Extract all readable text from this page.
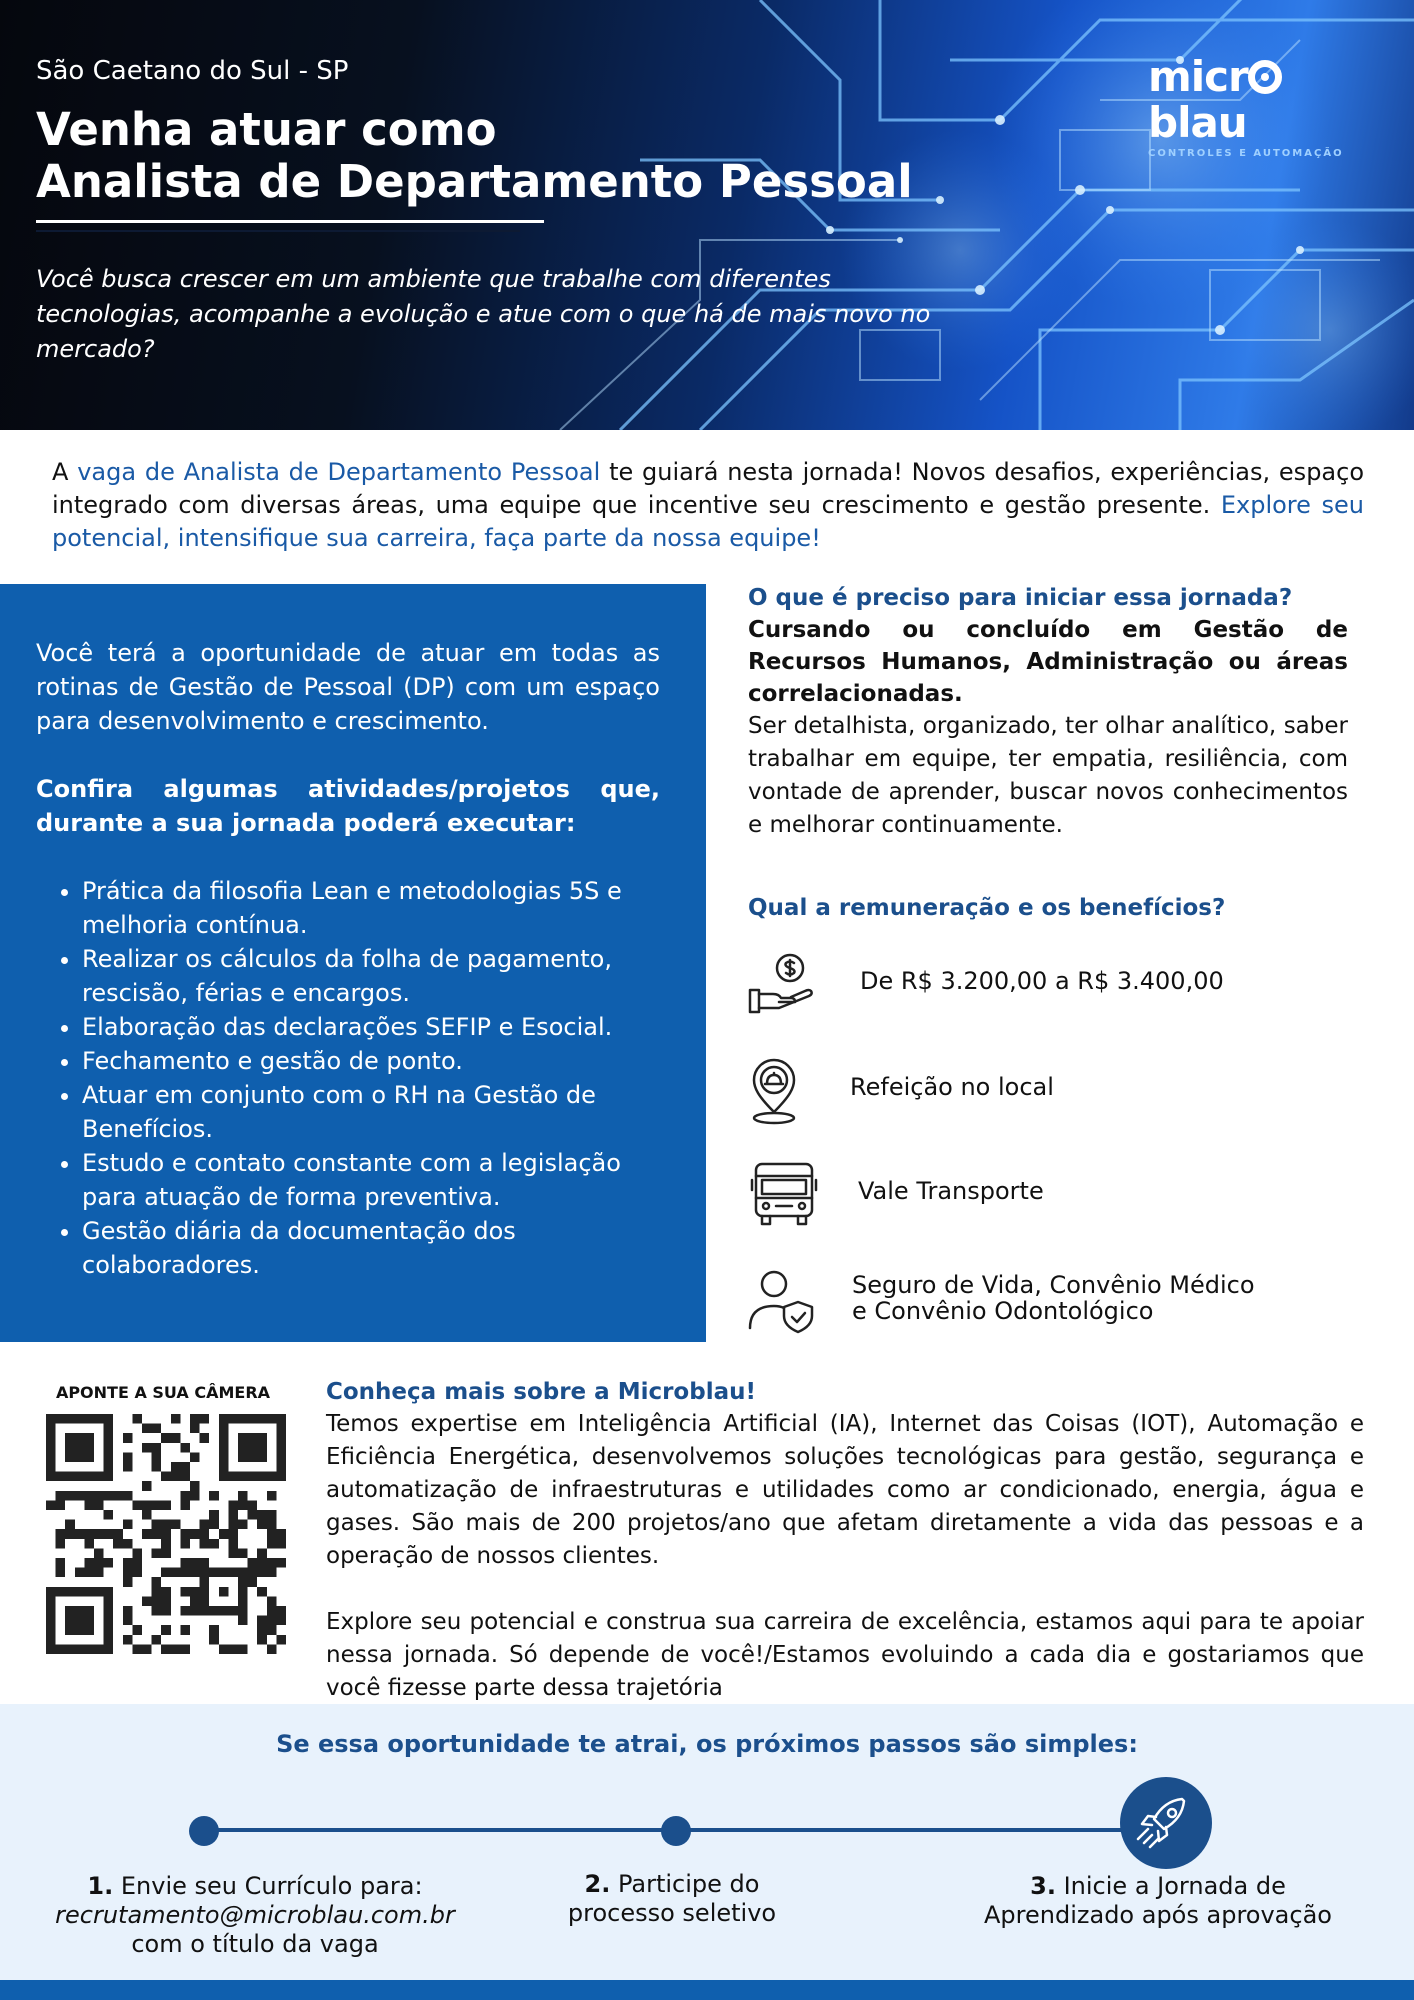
São Caetano do Sul - SP
Venha atuar como
Analista de Departamento Pessoal

Você busca crescer em um ambiente que trabalhe com diferentes tecnologias, acompanhe a evolução e atue com o que há de mais novo no mercado?

micrblau
CONTROLES E AUTOMAÇÃO

A vaga de Analista de Departamento Pessoal te guiará nesta jornada! Novos desafios, experiências, espaço integrado com diversas áreas, uma equipe que incentive seu crescimento e gestão presente. Explore seu potencial, intensifique sua carreira, faça parte da nossa equipe!

Você terá a oportunidade de atuar em todas as rotinas de Gestão de Pessoal (DP) com um espaço para desenvolvimento e crescimento.

Confira algumas atividades/projetos que, durante a sua jornada poderá executar:

• Prática da filosofia Lean e metodologias 5S e melhoria contínua.
• Realizar os cálculos da folha de pagamento, rescisão, férias e encargos.
• Elaboração das declarações SEFIP e Esocial.
• Fechamento e gestão de ponto.
• Atuar em conjunto com o RH na Gestão de Benefícios.
• Estudo e contato constante com a legislação para atuação de forma preventiva.
• Gestão diária da documentação dos colaboradores.
O que é preciso para iniciar essa jornada?

Cursando ou concluído em Gestão de Recursos Humanos, Administração ou áreas correlacionadas.

Ser detalhista, organizado, ter olhar analítico, saber trabalhar em equipe, ter empatia, resiliência, com vontade de aprender, buscar novos conhecimentos e melhorar continuamente.

Qual a remuneração e os benefícios?
De R$ 3.200,00 a R$ 3.400,00
Refeição no local
Vale Transporte
Seguro de Vida, Convênio Médico
e Convênio Odontológico
APONTE A SUA CÂMERA	Conheça mais sobre a Microblau!

Temos expertise em Inteligência Artificial (IA), Internet das Coisas (IOT), Automação e Eficiência Energética, desenvolvemos soluções tecnológicas para gestão, segurança e automatização de infraestruturas e utilidades como ar condicionado, energia, água e gases. São mais de 200 projetos/ano que afetam diretamente a vida das pessoas e a operação de nossos clientes.

Explore seu potencial e construa sua carreira de excelência, estamos aqui para te apoiar nessa jornada. Só depende de você!/Estamos evoluindo a cada dia e gostariamos que você fizesse parte dessa trajetória

Se essa oportunidade te atrai, os próximos passos são simples:
1. Envie seu Currículo para:
recrutamento@microblau.com.br
com o título da vaga
2. Participe do
processo seletivo
3. Inicie a Jornada de
Aprendizado após aprovação
